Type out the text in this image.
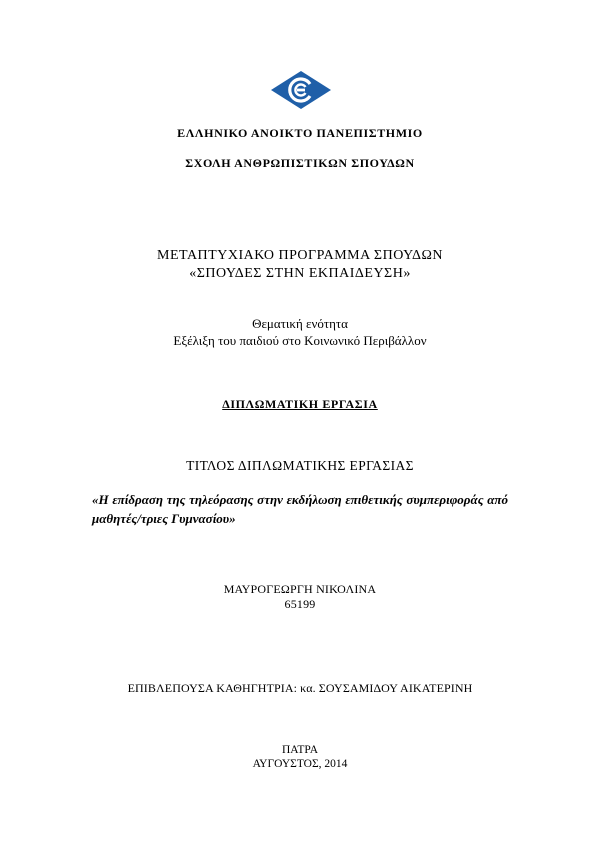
ΕΛΛΗΝΙΚΟ ΑΝΟΙΚΤΟ ΠΑΝΕΠΙΣΤΗΜΙΟ
ΣΧΟΛΗ ΑΝΘΡΩΠΙΣΤΙΚΩΝ ΣΠΟΥΔΩΝ
ΜΕΤΑΠΤΥΧΙΑΚΟ ΠΡΟΓΡΑΜΜΑ ΣΠΟΥΔΩΝ
«ΣΠΟΥΔΕΣ ΣΤΗΝ ΕΚΠΑΙΔΕΥΣΗ»
Θεματική ενότητα
Εξέλιξη του παιδιού στο Κοινωνικό Περιβάλλον
ΔΙΠΛΩΜΑΤΙΚΗ ΕΡΓΑΣΙΑ
ΤΙΤΛΟΣ ΔΙΠΛΩΜΑΤΙΚΗΣ ΕΡΓΑΣΙΑΣ
«Η επίδραση της τηλεόρασης στην εκδήλωση επιθετικής συμπεριφοράς από μαθητές/τριες Γυμνασίου»
ΜΑΥΡΟΓΕΩΡΓΗ ΝΙΚΟΛΙΝΑ
65199
ΕΠΙΒΛΕΠΟΥΣΑ ΚΑΘΗΓΗΤΡΙΑ: κα. ΣΟΥΣΑΜΙΔΟΥ ΑΙΚΑΤΕΡΙΝΗ
ΠΑΤΡΑ
ΑΥΓΟΥΣΤΟΣ, 2014
